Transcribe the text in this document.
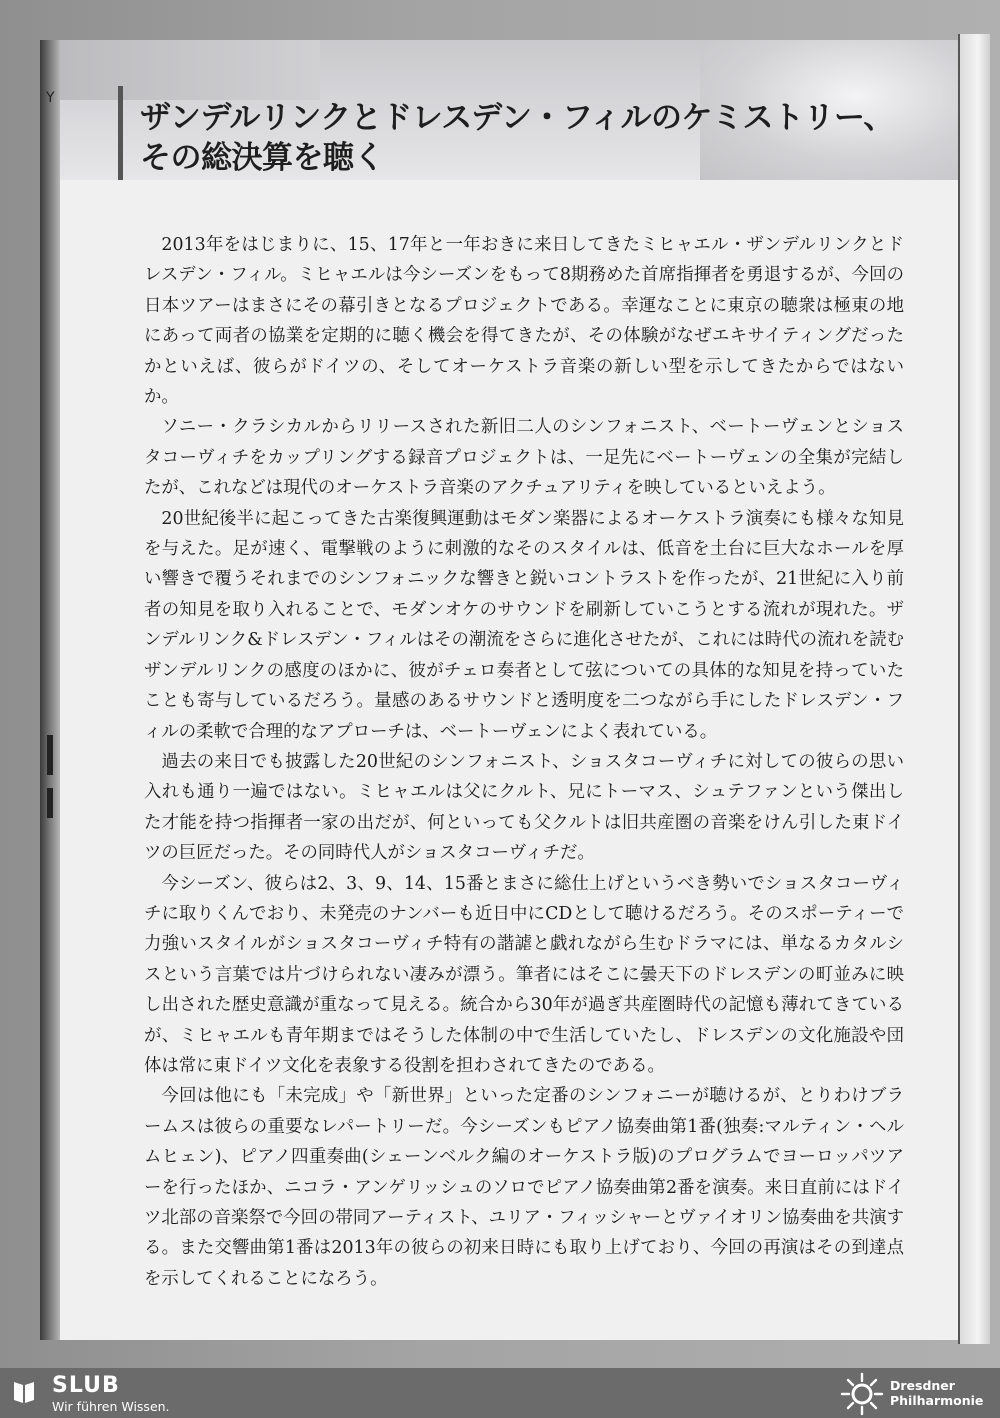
Y
ザンデルリンクとドレスデン・フィルのケミストリー、
その総決算を聴く

2013年をはじまりに、15、17年と一年おきに来日してきたミヒャエル・ザンデルリンクとドレスデン・フィル。ミヒャエルは今シーズンをもって8期務めた首席指揮者を勇退するが、今回の日本ツアーはまさにその幕引きとなるプロジェクトである。幸運なことに東京の聴衆は極東の地にあって両者の協業を定期的に聴く機会を得てきたが、その体験がなぜエキサイティングだったかといえば、彼らがドイツの、そしてオーケストラ音楽の新しい型を示してきたからではないか。

ソニー・クラシカルからリリースされた新旧二人のシンフォニスト、ベートーヴェンとショスタコーヴィチをカップリングする録音プロジェクトは、一足先にベートーヴェンの全集が完結したが、これなどは現代のオーケストラ音楽のアクチュアリティを映しているといえよう。

20世紀後半に起こってきた古楽復興運動はモダン楽器によるオーケストラ演奏にも様々な知見を与えた。足が速く、電撃戦のように刺激的なそのスタイルは、低音を土台に巨大なホールを厚い響きで覆うそれまでのシンフォニックな響きと鋭いコントラストを作ったが、21世紀に入り前者の知見を取り入れることで、モダンオケのサウンドを刷新していこうとする流れが現れた。ザンデルリンク&ドレスデン・フィルはその潮流をさらに進化させたが、これには時代の流れを読むザンデルリンクの感度のほかに、彼がチェロ奏者として弦についての具体的な知見を持っていたことも寄与しているだろう。量感のあるサウンドと透明度を二つながら手にしたドレスデン・フィルの柔軟で合理的なアプローチは、ベートーヴェンによく表れている。

過去の来日でも披露した20世紀のシンフォニスト、ショスタコーヴィチに対しての彼らの思い入れも通り一遍ではない。ミヒャエルは父にクルト、兄にトーマス、シュテファンという傑出した才能を持つ指揮者一家の出だが、何といっても父クルトは旧共産圏の音楽をけん引した東ドイツの巨匠だった。その同時代人がショスタコーヴィチだ。

今シーズン、彼らは2、3、9、14、15番とまさに総仕上げというべき勢いでショスタコーヴィチに取りくんでおり、未発売のナンバーも近日中にCDとして聴けるだろう。そのスポーティーで力強いスタイルがショスタコーヴィチ特有の諧謔と戯れながら生むドラマには、単なるカタルシスという言葉では片づけられない凄みが漂う。筆者にはそこに曇天下のドレスデンの町並みに映し出された歴史意識が重なって見える。統合から30年が過ぎ共産圏時代の記憶も薄れてきているが、ミヒャエルも青年期まではそうした体制の中で生活していたし、ドレスデンの文化施設や団体は常に東ドイツ文化を表象する役割を担わされてきたのである。

今回は他にも「未完成」や「新世界」といった定番のシンフォニーが聴けるが、とりわけブラームスは彼らの重要なレパートリーだ。今シーズンもピアノ協奏曲第1番(独奏:マルティン・ヘルムヒェン)、ピアノ四重奏曲(シェーンベルク編のオーケストラ版)のプログラムでヨーロッパツアーを行ったほか、ニコラ・アンゲリッシュのソロでピアノ協奏曲第2番を演奏。来日直前にはドイツ北部の音楽祭で今回の帯同アーティスト、ユリア・フィッシャーとヴァイオリン協奏曲を共演する。また交響曲第1番は2013年の彼らの初来日時にも取り上げており、今回の再演はその到達点を示してくれることになろう。

SLUB
Wir führen Wissen.
Dresdner
Philharmonie
